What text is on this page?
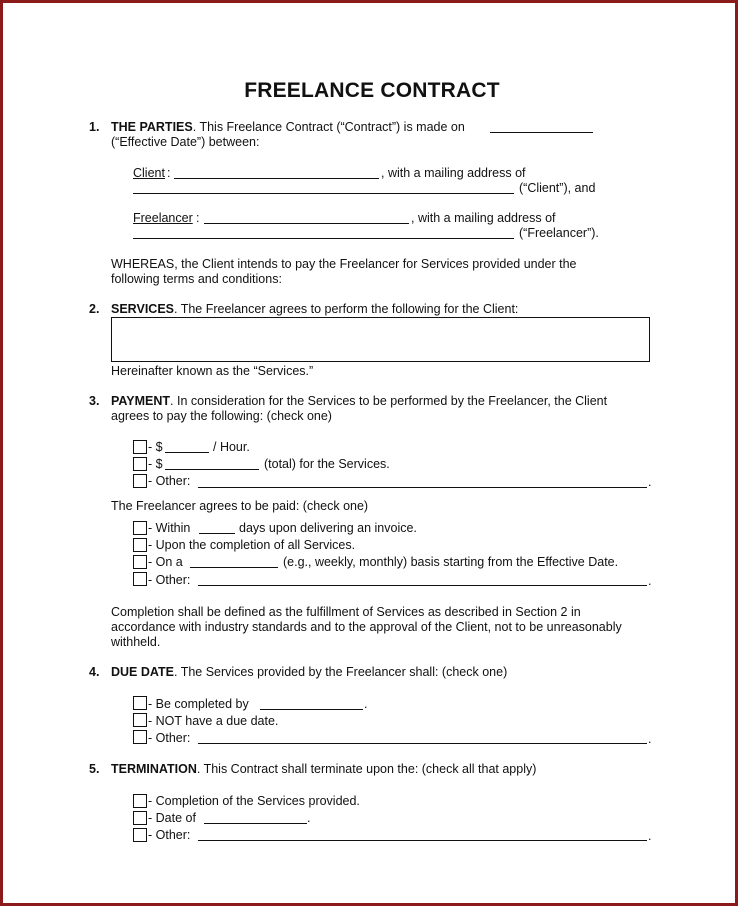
FREELANCE CONTRACT
1. THE PARTIES. This Freelance Contract (“Contract”) is made on
(“Effective Date”) between:
Client :	, with a mailing address of
(“Client”), and
Freelancer :	, with a mailing address of
(“Freelancer”).
WHEREAS, the Client intends to pay the Freelancer for Services provided under the
following terms and conditions:
2. SERVICES. The Freelancer agrees to perform the following for the Client:
Hereinafter known as the “Services.”
3. PAYMENT. In consideration for the Services to be performed by the Freelancer, the Client
agrees to pay the following: (check one)
- $	/ Hour.
- $	(total) for the Services.
- Other:	.
The Freelancer agrees to be paid: (check one)
- Within	days upon delivering an invoice.
- Upon the completion of all Services.
- On a	(e.g., weekly, monthly) basis starting from the Effective Date.
- Other:	.
Completion shall be defined as the fulfillment of Services as described in Section 2 in
accordance with industry standards and to the approval of the Client, not to be unreasonably
withheld.
4. DUE DATE. The Services provided by the Freelancer shall: (check one)
- Be completed by	.
- NOT have a due date.
- Other:	.
5. TERMINATION. This Contract shall terminate upon the: (check all that apply)
- Completion of the Services provided.
- Date of	.
- Other:	.
